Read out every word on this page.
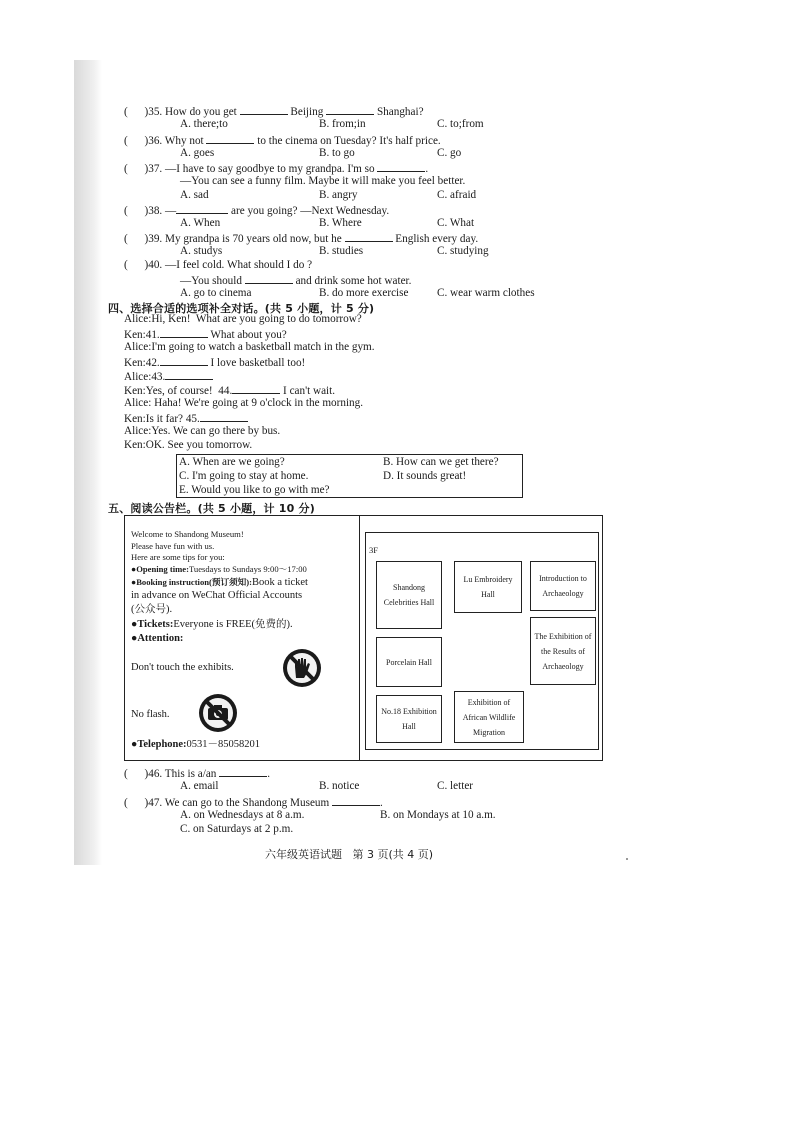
(      )35. How do you get	Beijing	Shanghai?
A. there;to	B. from;in	C. to;from
(      )36. Why not	to the cinema on Tuesday? It's half price.
A. goes	B. to go	C. go
(      )37. —I have to say goodbye to my grandpa. I'm so	.
—You can see a funny film. Maybe it will make you feel better.
A. sad	B. angry	C. afraid
(      )38. —	are you going? —Next Wednesday.
A. When	B. Where	C. What
(      )39. My grandpa is 70 years old now, but he	English every day.
A. studys	B. studies	C. studying
(      )40. —I feel cold. What should I do ?
—You should	and drink some hot water.
A. go to cinema	B. do more exercise	C. wear warm clothes
四、选择合适的选项补全对话。(共 5 小题，计 5 分)
Alice:Hi, Ken!  What are you going to do tomorrow?
Ken:41.	What about you?
Alice:I'm going to watch a basketball match in the gym.
Ken:42.	I love basketball too!
Alice:43.
Ken:Yes, of course!  44.	I can't wait.
Alice: Haha! We're going at 9 o'clock in the morning.
Ken:Is it far? 45.
Alice:Yes. We can go there by bus.
Ken:OK. See you tomorrow.
A. When are we going?	B. How can we get there?
C. I'm going to stay at home.	D. It sounds great!
E. Would you like to go with me?
五、阅读公告栏。(共 5 小题，计 10 分)
Welcome to Shandong Museum!
Please have fun with us.
Here are some tips for you:
●Opening time:Tuesdays to Sundays 9:00～17:00
●Booking instruction(预订须知):Book a ticket
in advance on WeChat Official Accounts
(公众号).
●Tickets:Everyone is FREE(免费的).
●Attention:
Don't touch the exhibits.
No flash.
●Telephone:0531－85058201
3F
Shandong Celebrities Hall
Lu Embroidery Hall
Introduction to Archaeology
Porcelain Hall
The Exhibition of the Results of Archaeology
No.18 Exhibition Hall
Exhibition of African Wildlife Migration
(      )46. This is a/an	.
A. email	B. notice	C. letter
(      )47. We can go to the Shandong Museum	.
A. on Wednesdays at 8 a.m.	B. on Mondays at 10 a.m.
C. on Saturdays at 2 p.m.
六年级英语试题   第 3 页(共 4 页)
